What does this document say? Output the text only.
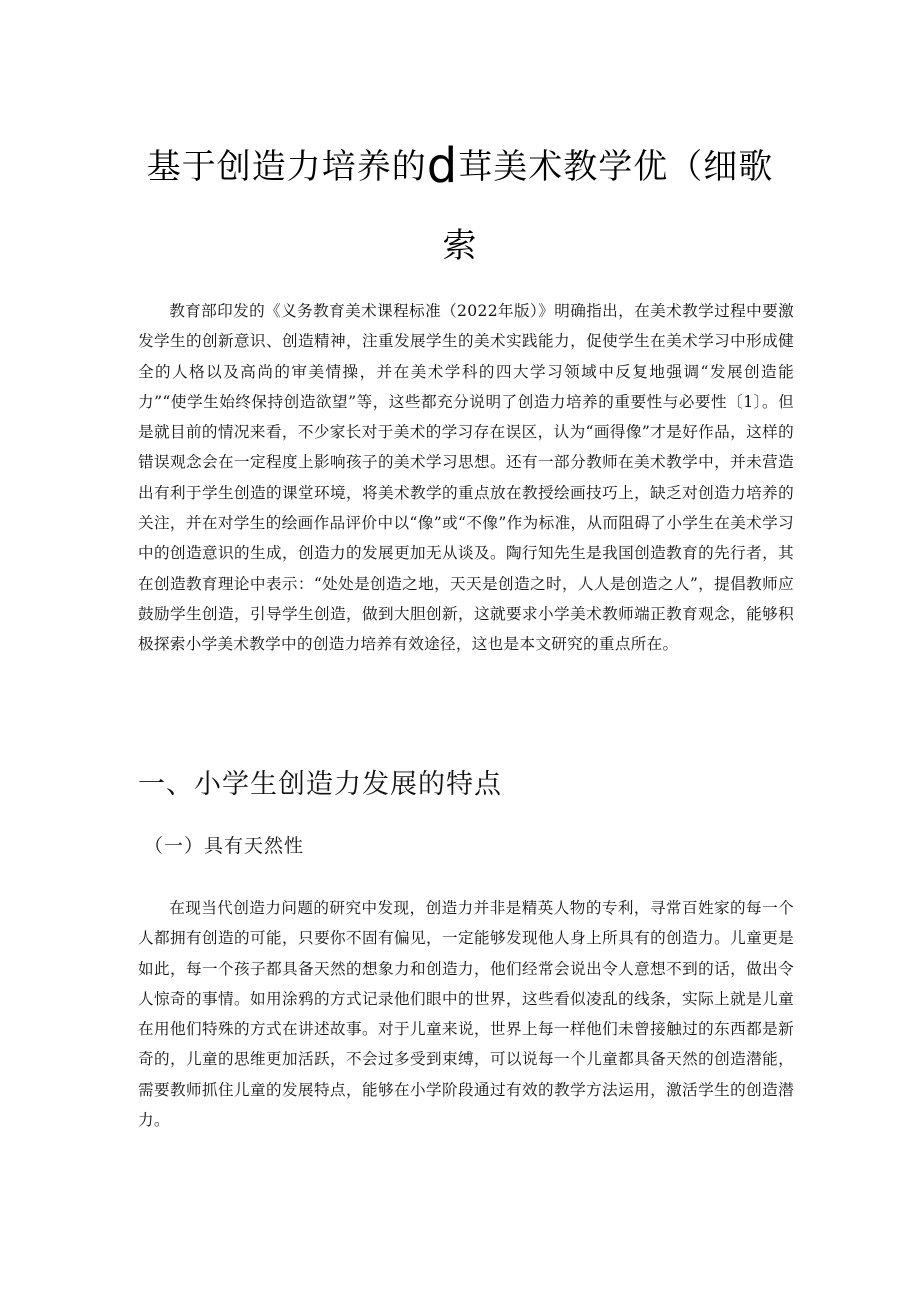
基于创造力培养的d茸美术教学优（细歌
索

教育部印发的《义务教育美术课程标准（2022年版）》明确指出，在美术教学过程中要激发学生的创新意识、创造精神，注重发展学生的美术实践能力，促使学生在美术学习中形成健全的人格以及高尚的审美情操，并在美术学科的四大学习领域中反复地强调“发展创造能力”“使学生始终保持创造欲望”等，这些都充分说明了创造力培养的重要性与必要性〔1〕。但是就目前的情况来看，不少家长对于美术的学习存在误区，认为“画得像”才是好作品，这样的错误观念会在一定程度上影响孩子的美术学习思想。还有一部分教师在美术教学中，并未营造出有利于学生创造的课堂环境，将美术教学的重点放在教授绘画技巧上，缺乏对创造力培养的关注，并在对学生的绘画作品评价中以“像”或“不像”作为标准，从而阻碍了小学生在美术学习中的创造意识的生成，创造力的发展更加无从谈及。陶行知先生是我国创造教育的先行者，其在创造教育理论中表示：“处处是创造之地，天天是创造之时，人人是创造之人”，提倡教师应鼓励学生创造，引导学生创造，做到大胆创新，这就要求小学美术教师端正教育观念，能够积极探索小学美术教学中的创造力培养有效途径，这也是本文研究的重点所在。

一、小学生创造力发展的特点
（一）具有天然性

在现当代创造力问题的研究中发现，创造力并非是精英人物的专利，寻常百姓家的每一个人都拥有创造的可能，只要你不固有偏见，一定能够发现他人身上所具有的创造力。儿童更是如此，每一个孩子都具备天然的想象力和创造力，他们经常会说出令人意想不到的话，做出令人惊奇的事情。如用涂鸦的方式记录他们眼中的世界，这些看似凌乱的线条，实际上就是儿童在用他们特殊的方式在讲述故事。对于儿童来说，世界上每一样他们未曾接触过的东西都是新奇的，儿童的思维更加活跃，不会过多受到束缚，可以说每一个儿童都具备天然的创造潜能，需要教师抓住儿童的发展特点，能够在小学阶段通过有效的教学方法运用，激活学生的创造潜力。
